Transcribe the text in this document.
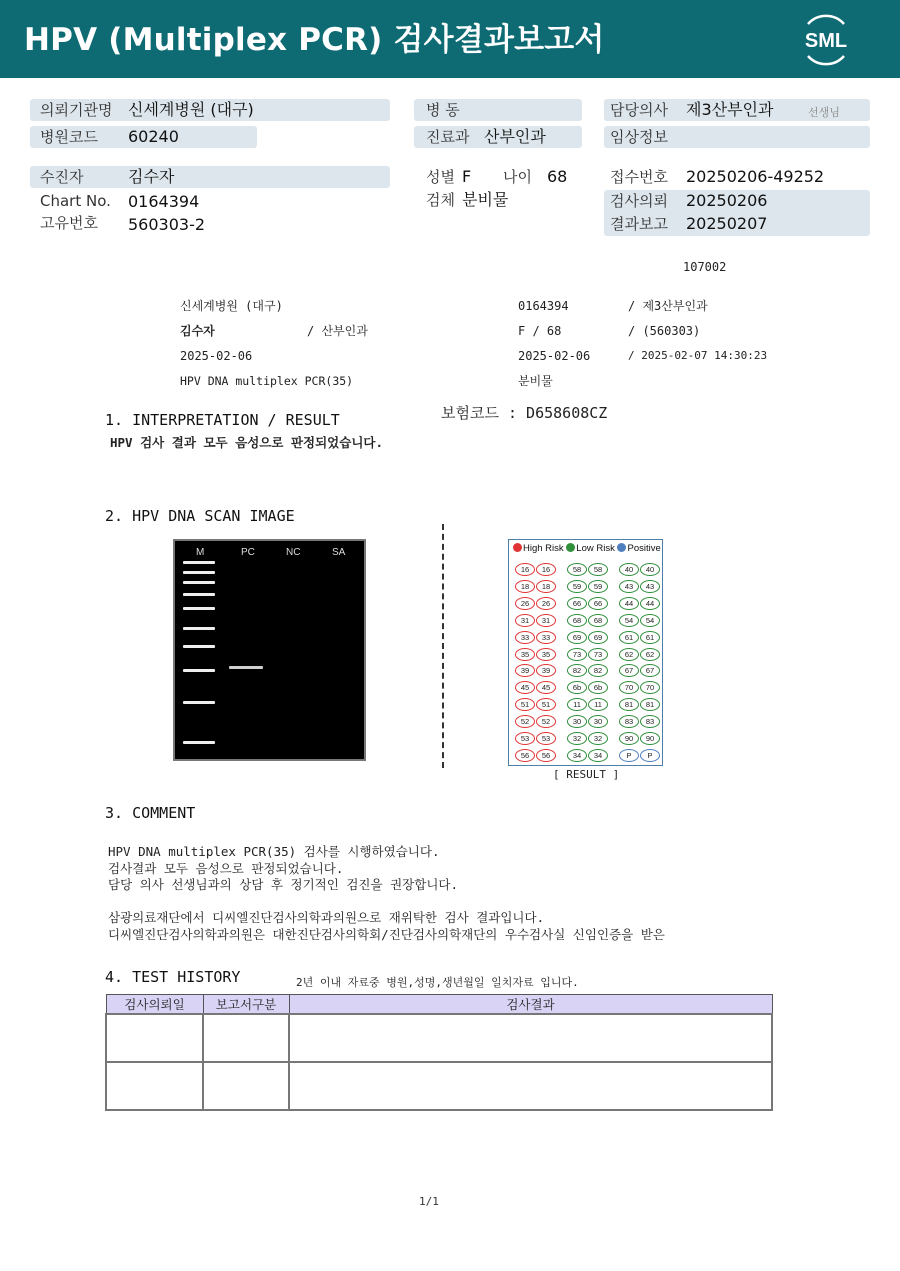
HPV (Multiplex PCR) 검사결과보고서	SML
의뢰기관명 신세계병원 (대구)
병원코드 60240
병 동
진료과 산부인과
담당의사 제3산부인과	선생님
임상정보
수진자	김수자
Chart No. 0164394
고유번호 560303-2
성별 F 나이 68
검체 분비물
접수번호 20250206-49252
검사의뢰 20250206
결과보고 20250207
107002
신세계병원 (대구)	0164394	/ 제3산부인과
김수자	/ 산부인과	F / 68	/ (560303)
2025-02-06	2025-02-06	/ 2025-02-07 14:30:23
HPV DNA multiplex PCR(35)	분비물
1. INTERPRETATION / RESULT	보험코드 : D658608CZ
HPV 검사 결과 모두 음성으로 판정되었습니다.
2. HPV DNA SCAN IMAGE
M	PC	NC	SA	High Risk Low Risk Positive
16	16	58	58	40	40
18	18	59	59	43	43
26	26	66	66	44	44
31	31	68	68	54	54
33	33	69	69	61	61
35	35	73	73	62	62
39	39	82	82	67	67
45	45	6b	6b	70	70
51	51	11	11	81	81
52	52	30	30	83	83
53	53	32	32	90	90
56	56	34	34	P	P
[ RESULT ]
3. COMMENT
HPV DNA multiplex PCR(35) 검사를 시행하였습니다.
검사결과 모두 음성으로 판정되었습니다.
담당 의사 선생님과의 상담 후 정기적인 검진을 권장합니다.
삼광의료재단에서 디씨엘진단검사의학과의원으로 재위탁한 검사 결과입니다.
디씨엘진단검사의학과의원은 대한진단검사의학회/진단검사의학재단의 우수검사실 신임인증을 받은
4. TEST HISTORY	2년 이내 자료중 병원,성명,생년월일 일치자료 입니다.
검사의뢰일	보고서구분	검사결과

1/1
